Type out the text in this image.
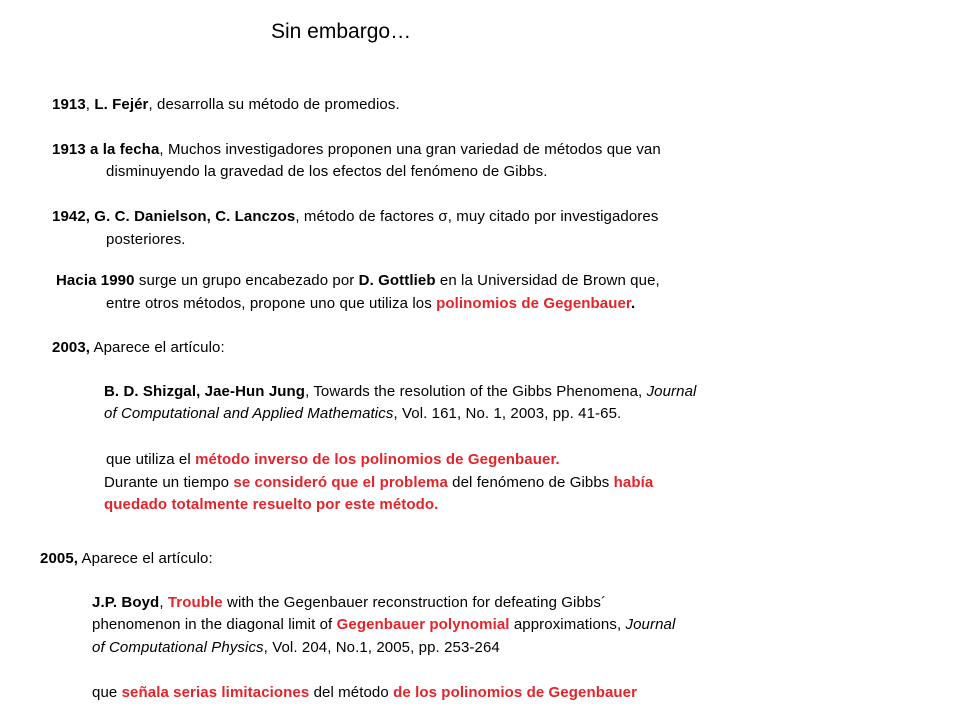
Sin embargo…
1913, L. Fejér, desarrolla su método de promedios.
1913 a la fecha, Muchos investigadores proponen una gran variedad de métodos que van
disminuyendo la gravedad de los efectos del fenómeno de Gibbs.
1942, G. C. Danielson, C. Lanczos, método de factores σ, muy citado por investigadores
posteriores.
Hacia 1990 surge un grupo encabezado por D. Gottlieb en la Universidad de Brown que,
entre otros métodos, propone uno que utiliza los polinomios de Gegenbauer.
2003, Aparece el artículo:
B. D. Shizgal, Jae-Hun Jung, Towards the resolution of the Gibbs Phenomena, Journal
of Computational and Applied Mathematics, Vol. 161, No. 1, 2003, pp. 41-65.
que utiliza el método inverso de los polinomios de Gegenbauer.
Durante un tiempo se consideró que el problema del fenómeno de Gibbs había
quedado totalmente resuelto por este método.
2005, Aparece el artículo:
J.P. Boyd, Trouble with the Gegenbauer reconstruction for defeating Gibbs´
phenomenon in the diagonal limit of Gegenbauer polynomial approximations, Journal
of Computational Physics, Vol. 204, No.1, 2005, pp. 253-264
que señala serias limitaciones del método de los polinomios de Gegenbauer
